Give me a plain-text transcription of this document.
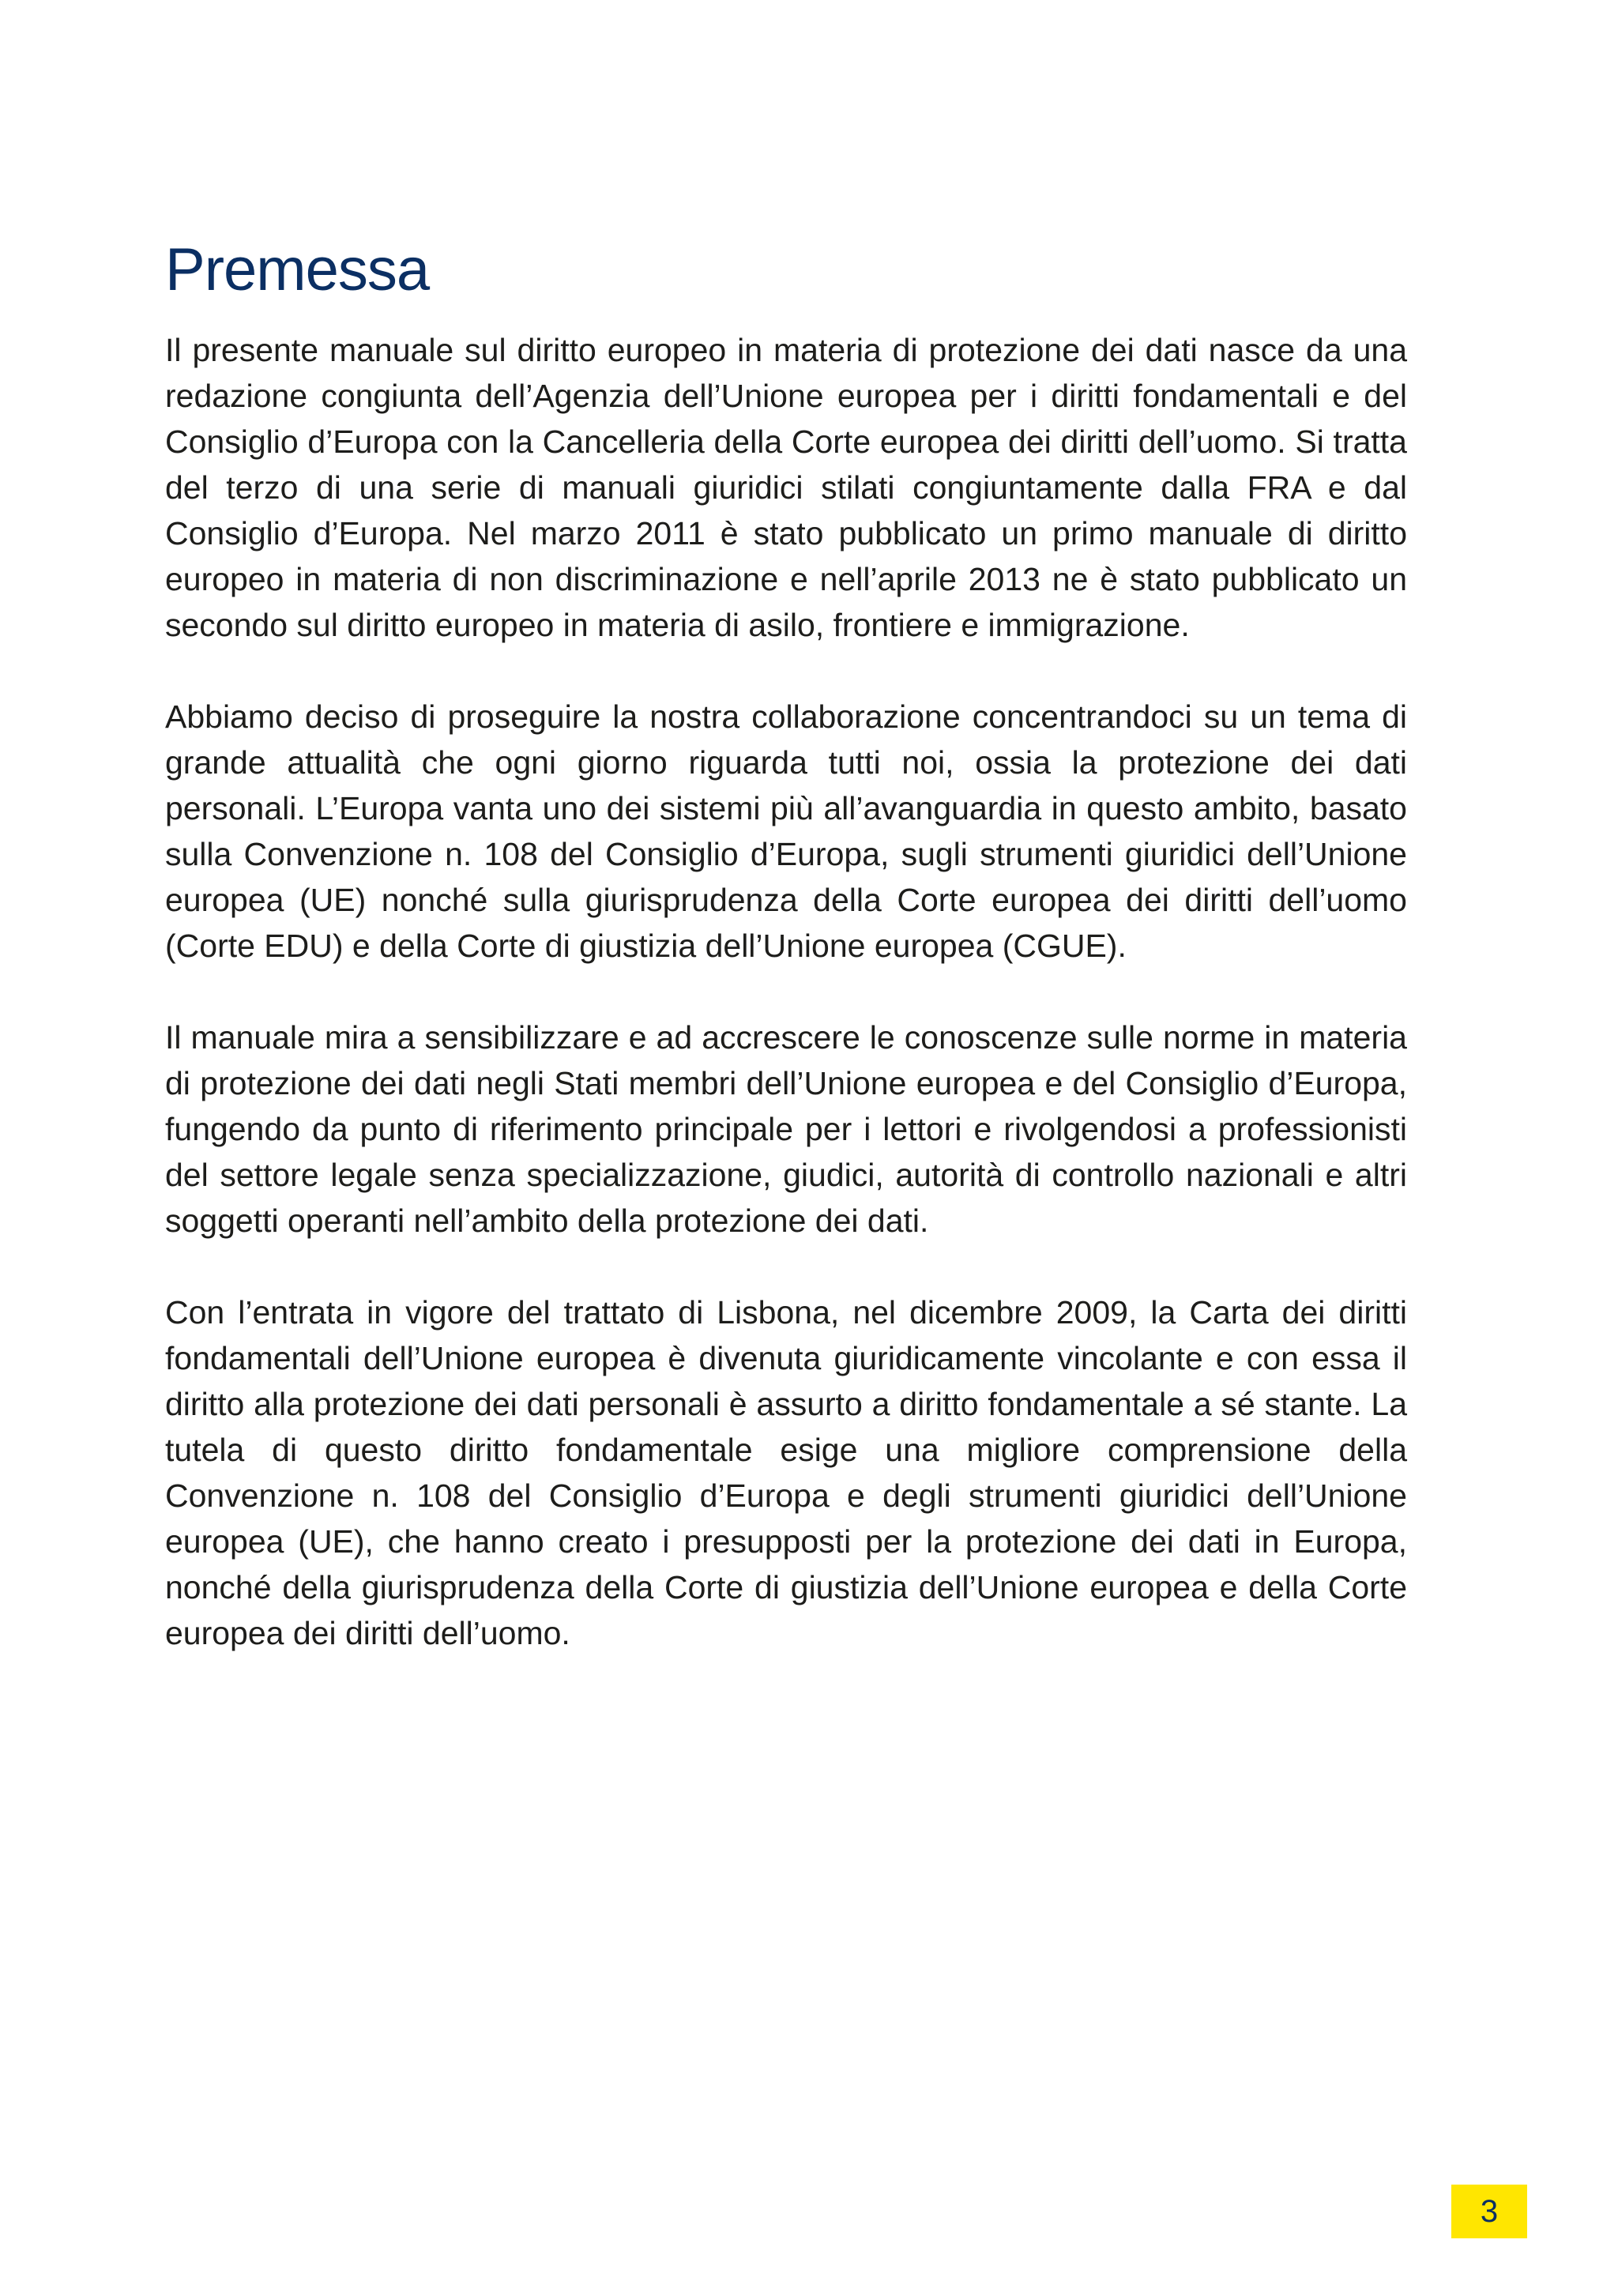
Premessa

Il presente manuale sul diritto europeo in materia di protezione dei dati nasce da una redazione congiunta dell’Agenzia dell’Unione europea per i diritti fondamentali e del Consiglio d’Europa con la Cancelleria della Corte europea dei diritti dell’uomo. Si tratta del terzo di una serie di manuali giuridici stilati congiuntamente dalla FRA e dal Consiglio d’Europa. Nel marzo 2011 è stato pubblicato un primo manuale di diritto europeo in materia di non discriminazione e nell’aprile 2013 ne è stato pubblicato un secondo sul diritto europeo in materia di asilo, frontiere e immigrazione.

Abbiamo deciso di proseguire la nostra collaborazione concentrandoci su un tema di grande attualità che ogni giorno riguarda tutti noi, ossia la protezione dei dati personali. L’Europa vanta uno dei sistemi più all’avanguardia in questo ambito, basato sulla Convenzione n. 108 del Consiglio d’Europa, sugli strumenti giuridici dell’Unione europea (UE) nonché sulla giurisprudenza della Corte europea dei diritti dell’uomo (Corte EDU) e della Corte di giustizia dell’Unione europea (CGUE).

Il manuale mira a sensibilizzare e ad accrescere le conoscenze sulle norme in materia di protezione dei dati negli Stati membri dell’Unione europea e del Consiglio d’Europa, fungendo da punto di riferimento principale per i lettori e rivolgendosi a professionisti del settore legale senza specializzazione, giudici, autorità di controllo nazionali e altri soggetti operanti nell’ambito della protezione dei dati.

Con l’entrata in vigore del trattato di Lisbona, nel dicembre 2009, la Carta dei diritti fondamentali dell’Unione europea è divenuta giuridicamente vincolante e con essa il diritto alla protezione dei dati personali è assurto a diritto fondamentale a sé stante. La tutela di questo diritto fondamentale esige una migliore comprensione della Convenzione n. 108 del Consiglio d’Europa e degli strumenti giuridici dell’Unione europea (UE), che hanno creato i presupposti per la protezione dei dati in Europa, nonché della giurisprudenza della Corte di giustizia dell’Unione europea e della Corte europea dei diritti dell’uomo.

3
